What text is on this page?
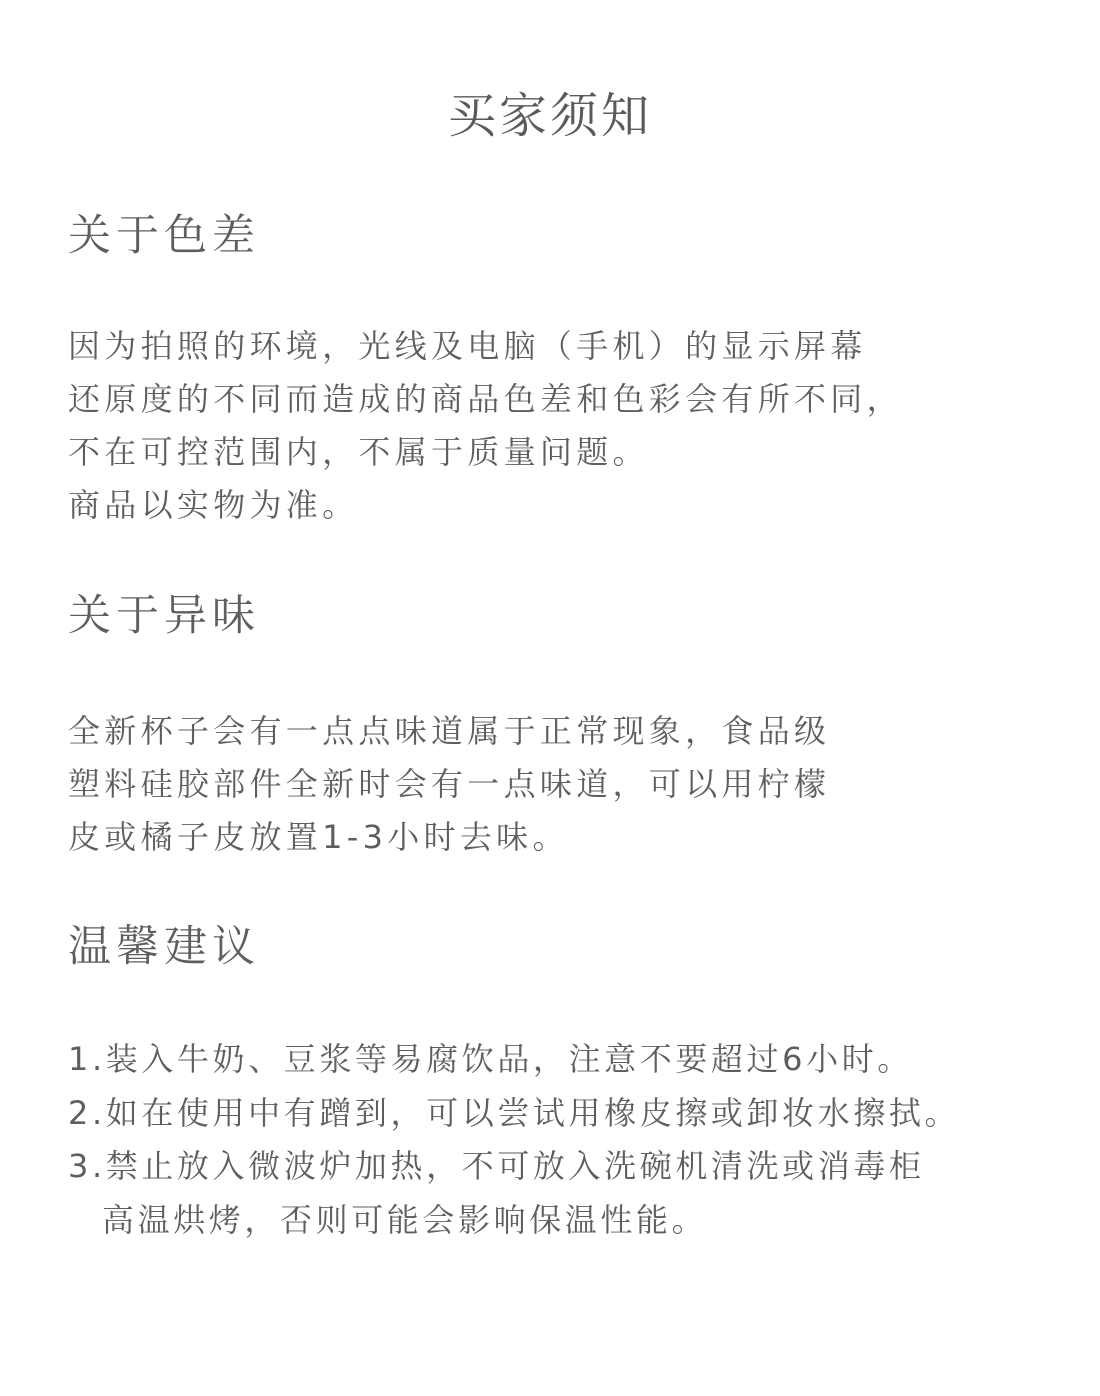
买家须知
关于色差
因为拍照的环境，光线及电脑（手机）的显示屏幕
还原度的不同而造成的商品色差和色彩会有所不同，
不在可控范围内，不属于质量问题。
商品以实物为准。
关于异味
全新杯子会有一点点味道属于正常现象，食品级
塑料硅胶部件全新时会有一点味道，可以用柠檬
皮或橘子皮放置1-3小时去味。
温馨建议
1.装入牛奶、豆浆等易腐饮品，注意不要超过6小时。
2.如在使用中有蹭到，可以尝试用橡皮擦或卸妆水擦拭。
3.禁止放入微波炉加热，不可放入洗碗机清洗或消毒柜
高温烘烤，否则可能会影响保温性能。
